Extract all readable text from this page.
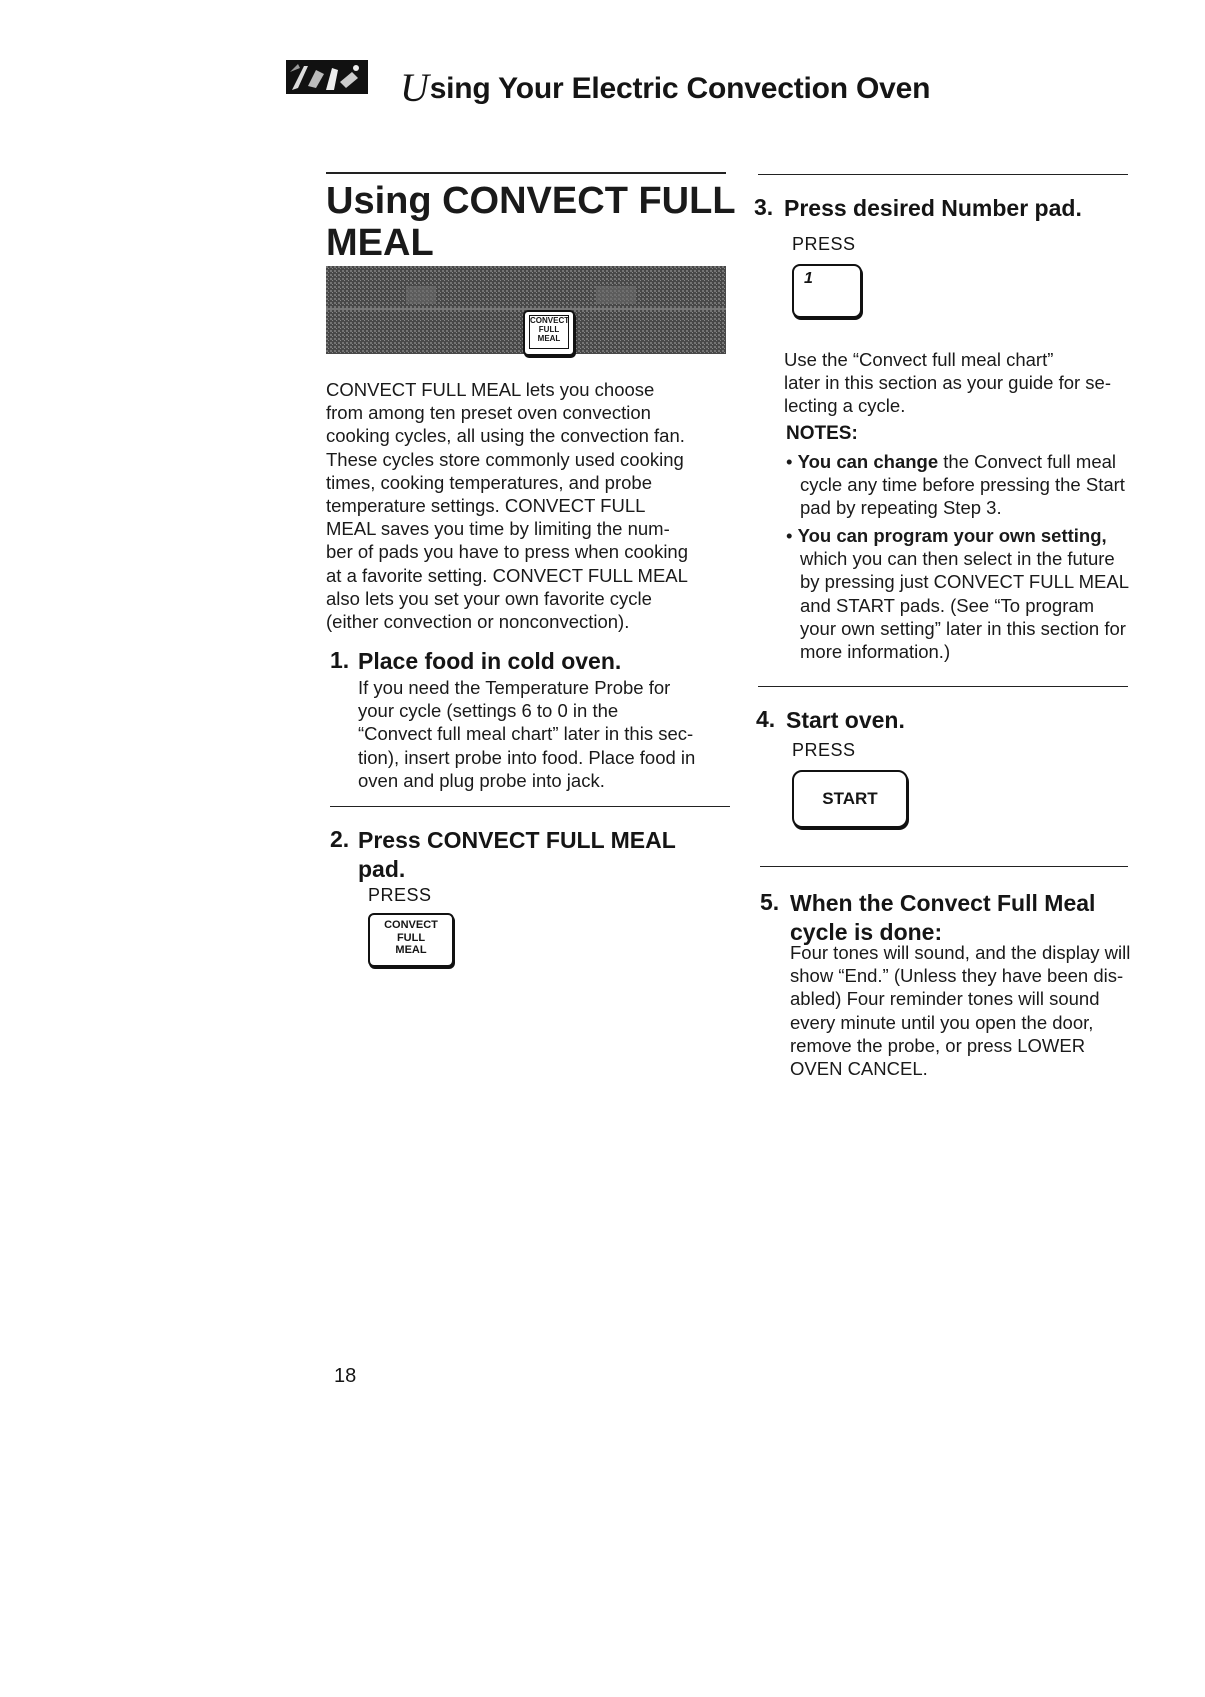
Using Your Electric Convection Oven
Using CONVECT FULL
MEAL
CONVECT
FULL
MEAL

CONVECT FULL MEAL lets you choose
from among ten preset oven convection
cooking cycles, all using the convection fan.
These cycles store commonly used cooking
times, cooking temperatures, and probe
temperature settings. CONVECT FULL
MEAL saves you time by limiting the num-
ber of pads you have to press when cooking
at a favorite setting. CONVECT FULL MEAL
also lets you set your own favorite cycle
(either convection or nonconvection).

1. Place food in cold oven.

If you need the Temperature Probe for
your cycle (settings 6 to 0 in the
“Convect full meal chart” later in this sec-
tion), insert probe into food. Place food in
oven and plug probe into jack.

2. Press CONVECT FULL MEAL
pad.
PRESS
CONVECT
FULL
MEAL
3. Press desired Number pad.
PRESS
1

Use the “Convect full meal chart”
later in this section as your guide for se-
lecting a cycle.

NOTES:
• You can change the Convect full meal
cycle any time before pressing the Start
pad by repeating Step 3.
• You can program your own setting,
which you can then select in the future
by pressing just CONVECT FULL MEAL
and START pads. (See “To program
your own setting” later in this section for
more information.)
4. Start oven.
PRESS
START
5. When the Convect Full Meal
cycle is done:

Four tones will sound, and the display will
show “End.” (Unless they have been dis-
abled) Four reminder tones will sound
every minute until you open the door,
remove the probe, or press LOWER
OVEN CANCEL.

18
